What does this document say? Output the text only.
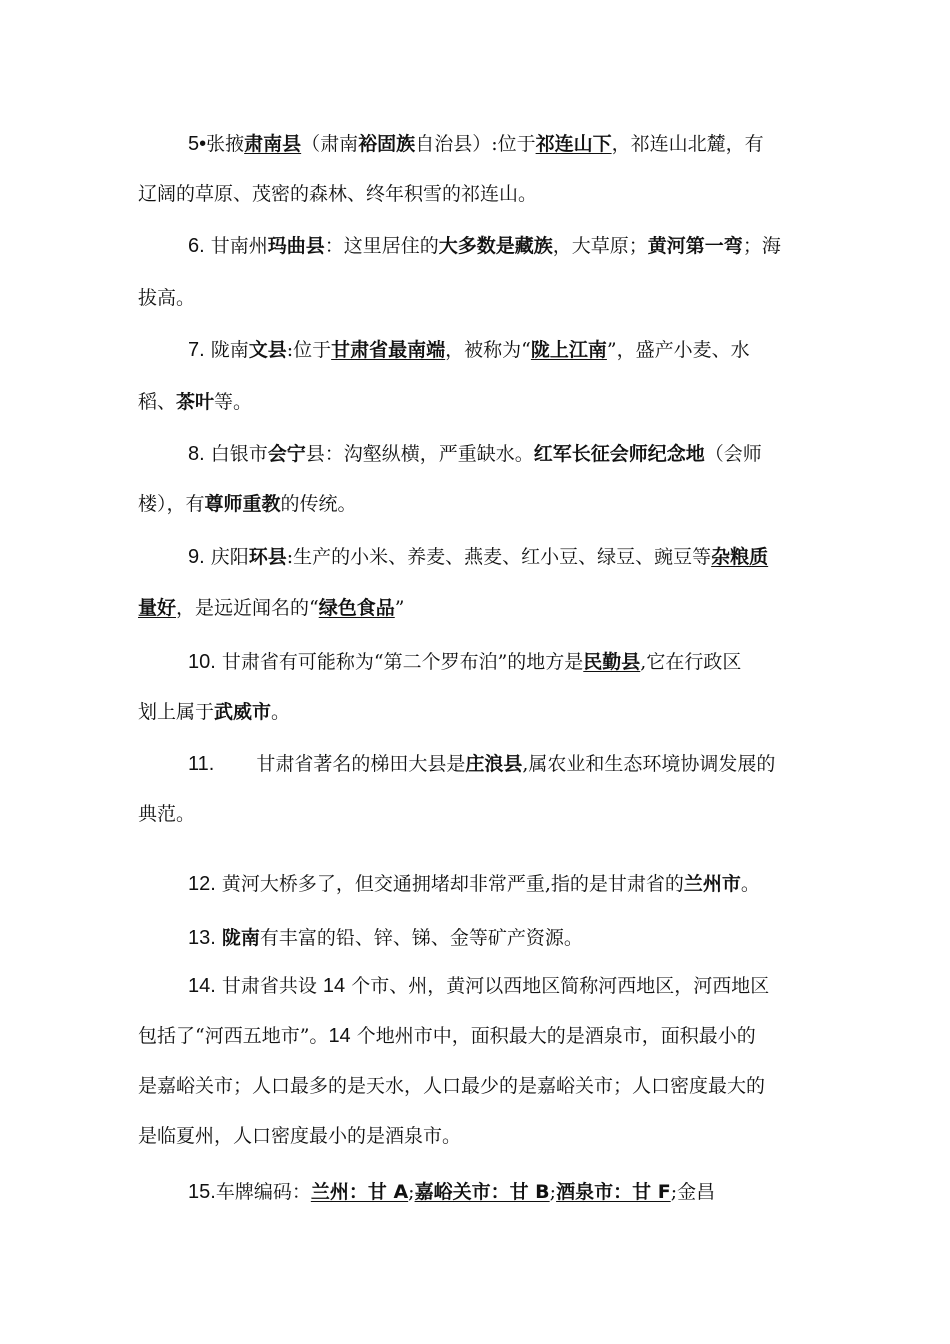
5•张掖肃南县（肃南裕固族自治县）:位于祁连山下，祁连山北麓，有
辽阔的草原、茂密的森林、终年积雪的祁连山。
6. 甘南州玛曲县：这里居住的大多数是藏族，大草原；黄河第一弯；海
拔高。
7. 陇南文县:位于甘肃省最南端，被称为“陇上江南”，盛产小麦、水
稻、茶叶等。
8. 白银市会宁县：沟壑纵横，严重缺水。红军长征会师纪念地（会师
楼），有尊师重教的传统。
9. 庆阳环县:生产的小米、养麦、燕麦、红小豆、绿豆、豌豆等杂粮质
量好，是远近闻名的“绿色食品”
10. 甘肃省有可能称为“第二个罗布泊”的地方是民勤县,它在行政区
划上属于武威市。
11. 甘肃省著名的梯田大县是庄浪县,属农业和生态环境协调发展的
典范。
12. 黄河大桥多了，但交通拥堵却非常严重,指的是甘肃省的兰州市。
13. 陇南有丰富的铅、锌、锑、金等矿产资源。
14. 甘肃省共设 14 个市、州，黄河以西地区简称河西地区，河西地区
包括了“河西五地市”。14 个地州市中，面积最大的是酒泉市，面积最小的
是嘉峪关市；人口最多的是天水，人口最少的是嘉峪关市；人口密度最大的
是临夏州，人口密度最小的是酒泉市。
15.车牌编码：兰州：甘 A;嘉峪关市：甘 B;酒泉市：甘 F;金昌
